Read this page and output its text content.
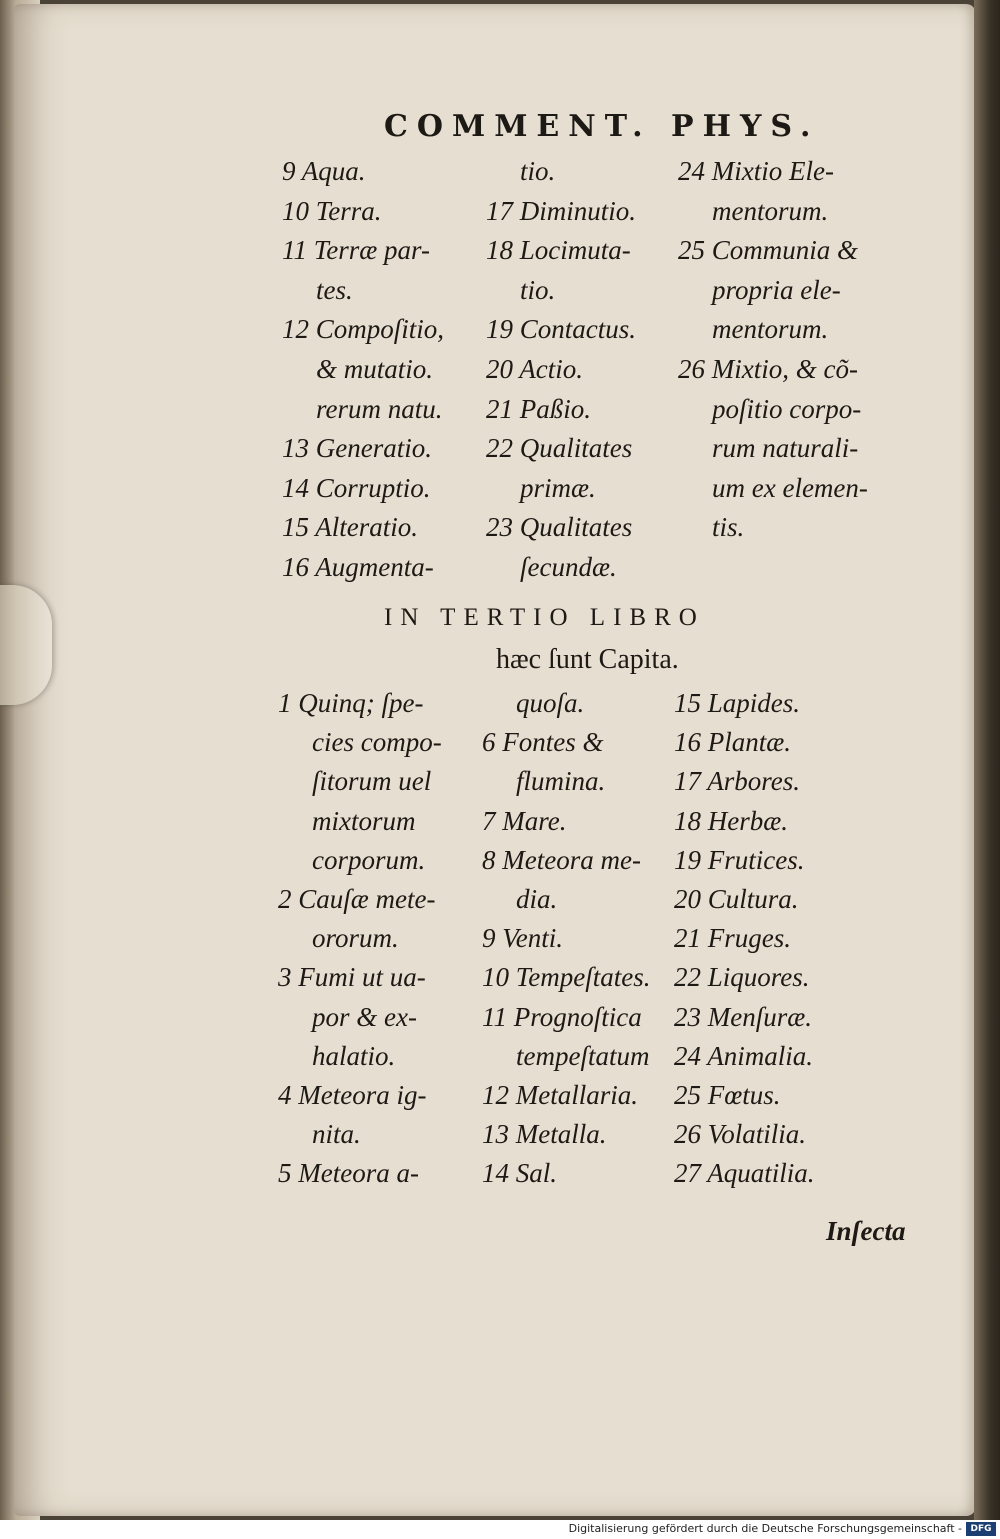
COMMENT. PHYS.
9 Aqua.
10 Terra.
11 Terræ par-
tes.
12 Compoſitio,
& mutatio.
rerum natu.
13 Generatio.
14 Corruptio.
15 Alteratio.
16 Augmenta-
tio.
17 Diminutio.
18 Locimuta-
tio.
19 Contactus.
20 Actio.
21 Paßio.
22 Qualitates
primæ.
23 Qualitates
ſecundæ.
24 Mixtio Ele-
mentorum.
25 Communia &
propria ele-
mentorum.
26 Mixtio, & cõ-
poſitio corpo-
rum naturali-
um ex elemen-
tis.
IN TERTIO LIBRO
hæc ſunt Capita.
1 Quinq; ſpe-
cies compo-
ſitorum uel
mixtorum
corporum.
2 Cauſæ mete-
ororum.
3 Fumi ut ua-
por & ex-
halatio.
4 Meteora ig-
nita.
5 Meteora a-
quoſa.
6 Fontes &
flumina.
7 Mare.
8 Meteora me-
dia.
9 Venti.
10 Tempeſtates.
11 Prognoſtica
tempeſtatum
12 Metallaria.
13 Metalla.
14 Sal.
15 Lapides.
16 Plantæ.
17 Arbores.
18 Herbæ.
19 Frutices.
20 Cultura.
21 Fruges.
22 Liquores.
23 Menſuræ.
24 Animalia.
25 Fœtus.
26 Volatilia.
27 Aquatilia.
Inſecta
Digitalisierung gefördert durch die Deutsche Forschungsgemeinschaft - DFG
